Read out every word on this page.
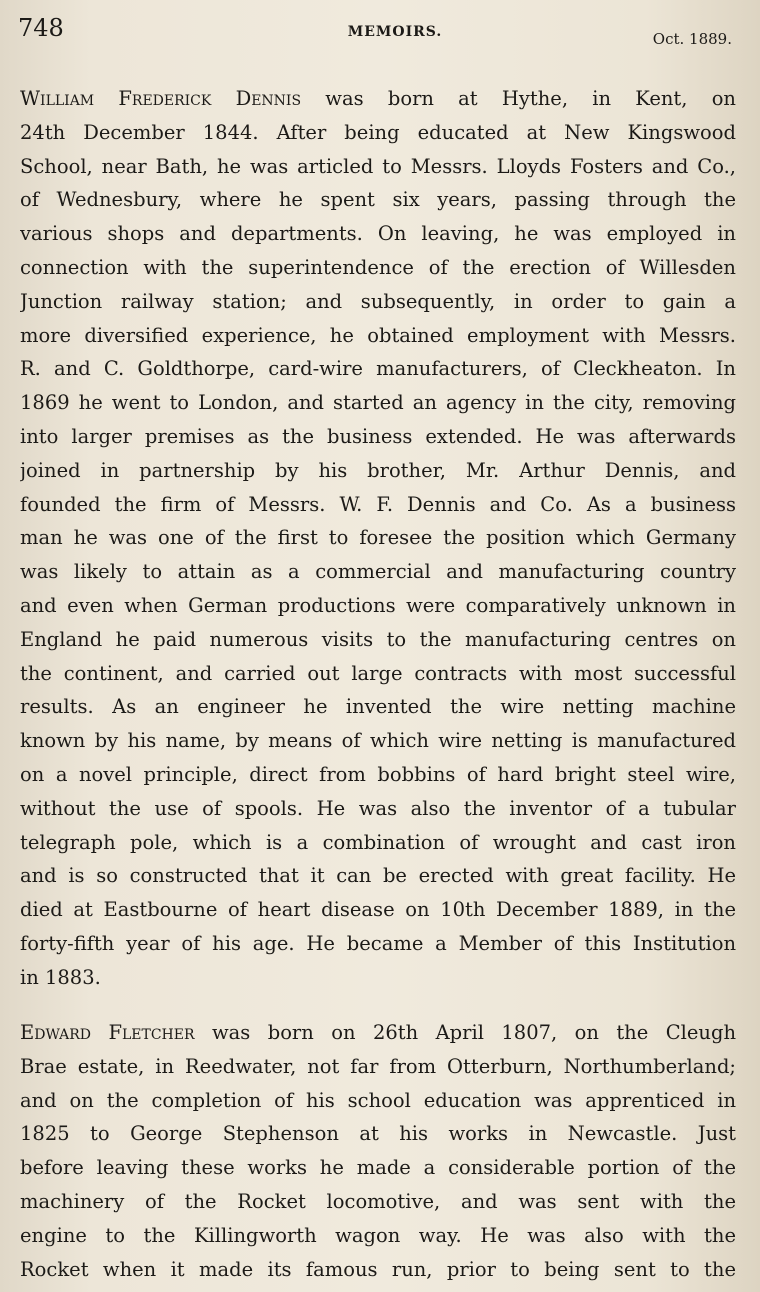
748	MEMOIRS.	Oct. 1889.
William Frederick Dennis was born at Hythe, in Kent, on
24th December 1844. After being educated at New Kingswood
School, near Bath, he was articled to Messrs. Lloyds Fosters and Co.,
of Wednesbury, where he spent six years, passing through the
various shops and departments. On leaving, he was employed in
connection with the superintendence of the erection of Willesden
Junction railway station; and subsequently, in order to gain a
more diversified experience, he obtained employment with Messrs.
R. and C. Goldthorpe, card-wire manufacturers, of Cleckheaton. In
1869 he went to London, and started an agency in the city, removing
into larger premises as the business extended. He was afterwards
joined in partnership by his brother, Mr. Arthur Dennis, and
founded the firm of Messrs. W. F. Dennis and Co. As a business
man he was one of the first to foresee the position which Germany
was likely to attain as a commercial and manufacturing country
and even when German productions were comparatively unknown in
England he paid numerous visits to the manufacturing centres on
the continent, and carried out large contracts with most successful
results. As an engineer he invented the wire netting machine
known by his name, by means of which wire netting is manufactured
on a novel principle, direct from bobbins of hard bright steel wire,
without the use of spools. He was also the inventor of a tubular
telegraph pole, which is a combination of wrought and cast iron
and is so constructed that it can be erected with great facility. He
died at Eastbourne of heart disease on 10th December 1889, in the
forty-fifth year of his age. He became a Member of this Institution
in 1883.
Edward Fletcher was born on 26th April 1807, on the Cleugh
Brae estate, in Reedwater, not far from Otterburn, Northumberland;
and on the completion of his school education was apprenticed in
1825 to George Stephenson at his works in Newcastle. Just
before leaving these works he made a considerable portion of the
machinery of the Rocket locomotive, and was sent with the
engine to the Killingworth wagon way. He was also with the
Rocket when it made its famous run, prior to being sent to the
